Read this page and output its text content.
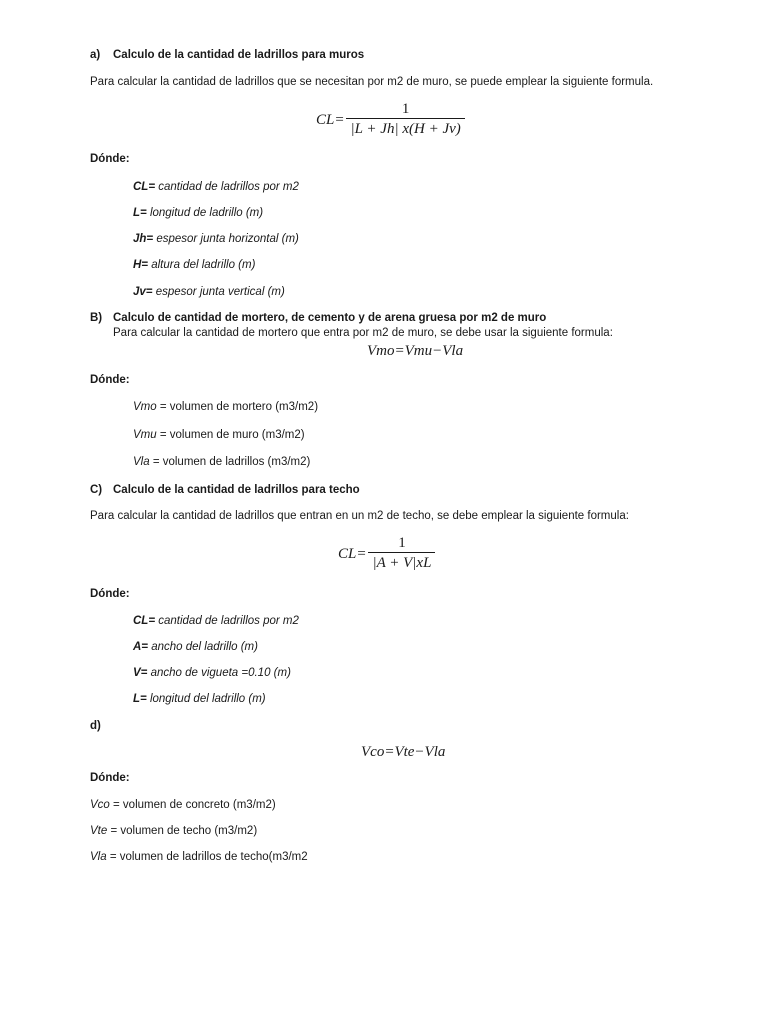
a) Calculo de la cantidad de ladrillos para muros
Para calcular la cantidad de ladrillos que se necesitan por m2 de muro, se puede emplear la siguiente formula.
$CL= \frac{1}{|L + Jh| x(H + Jv)}$
Dónde:
CL= cantidad de ladrillos por m2
L= longitud de ladrillo (m)
Jh= espesor junta horizontal (m)
H= altura del ladrillo (m)
Jv= espesor junta vertical (m)
B) Calculo de cantidad de mortero, de cemento y de arena gruesa por m2 de muro
Para calcular la cantidad de mortero que entra por m2 de muro, se debe usar la siguiente formula:
Vmo=Vmu−Vla
Dónde:
Vmo = volumen de mortero (m3/m2)
Vmu = volumen de muro (m3/m2)
Vla = volumen de ladrillos (m3/m2)
C) Calculo de la cantidad de ladrillos para techo
Para calcular la cantidad de ladrillos que entran en un m2 de techo, se debe emplear la siguiente formula:
$CL= \frac{1}{|A + V|xL}$
Dónde:
CL= cantidad de ladrillos por m2
A= ancho del ladrillo (m)
V= ancho de vigueta =0.10 (m)
L= longitud del ladrillo (m)
d)
Vco=Vte−Vla
Dónde:
Vco = volumen de concreto (m3/m2)
Vte = volumen de techo (m3/m2)
Vla = volumen de ladrillos de techo(m3/m2
